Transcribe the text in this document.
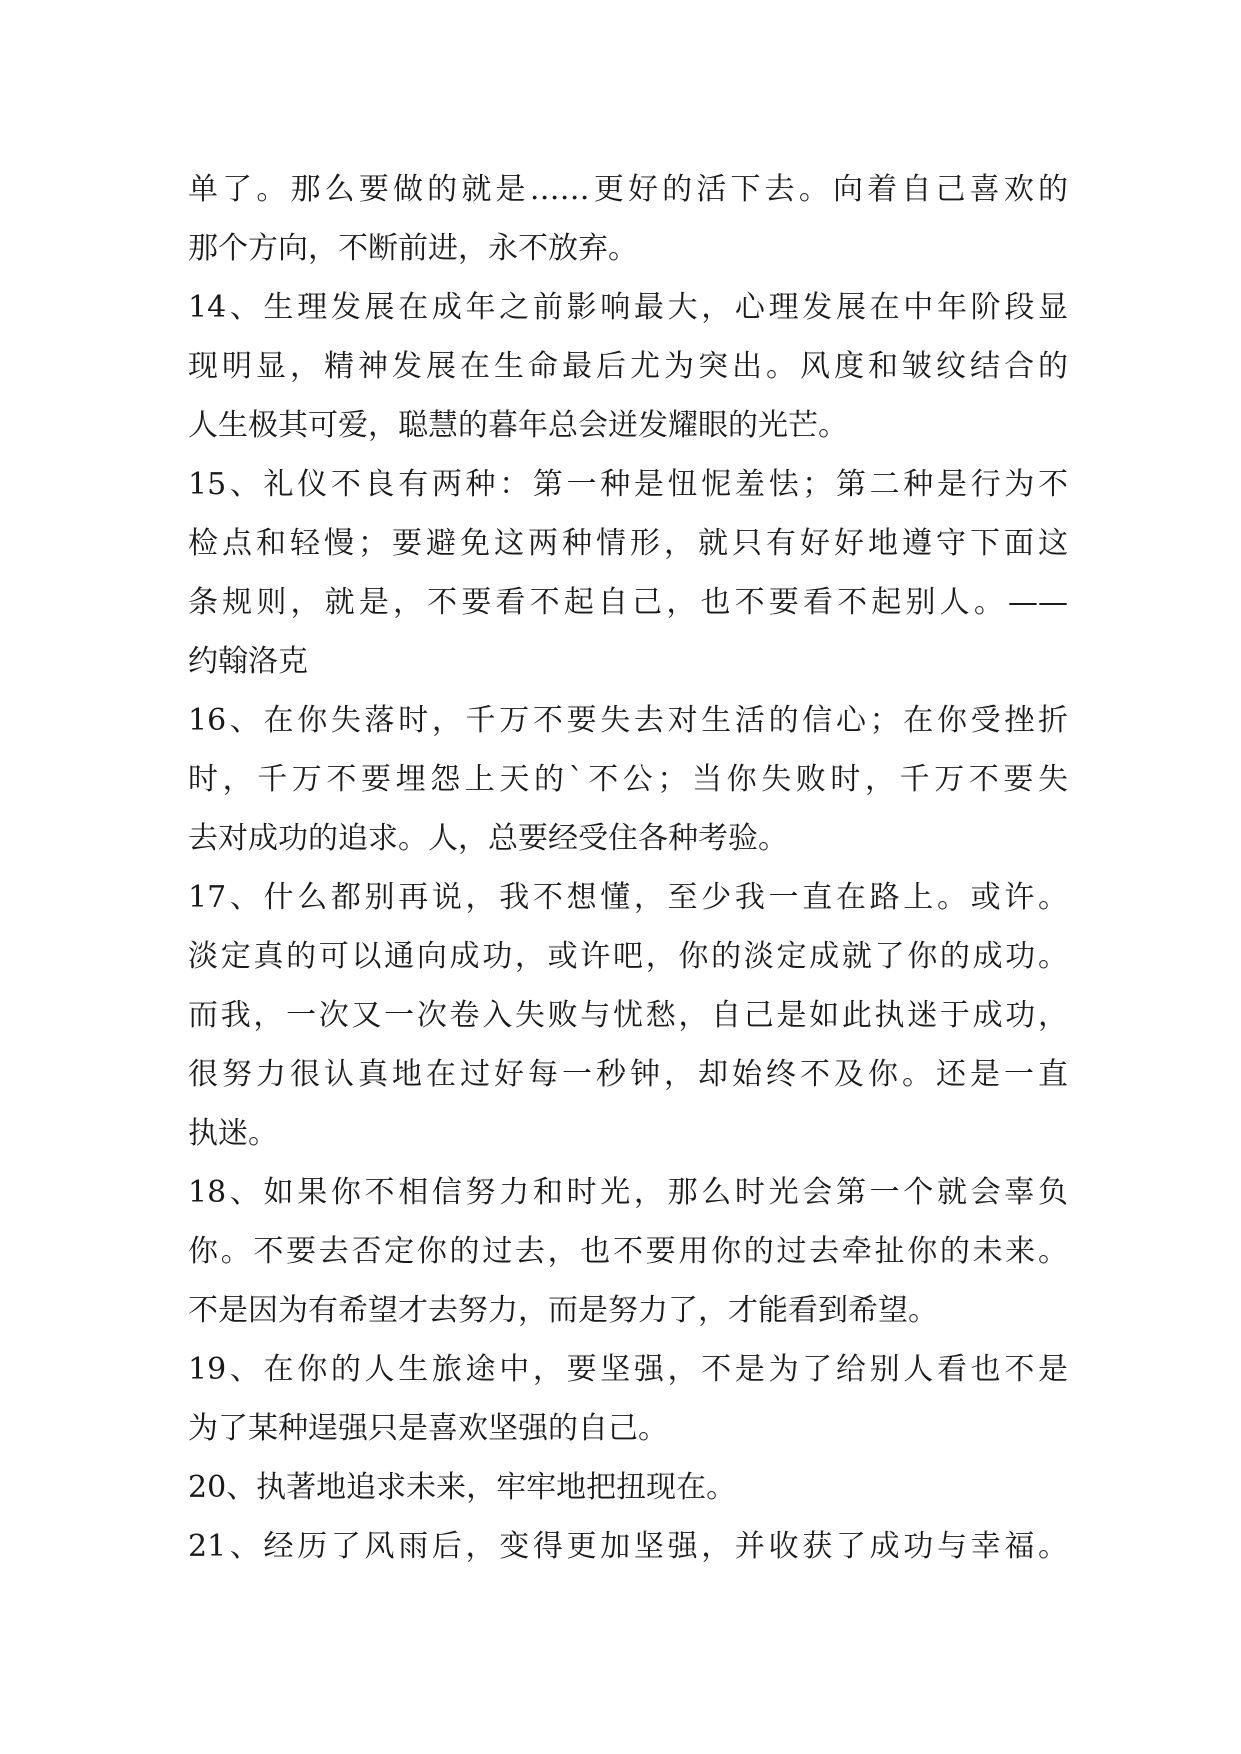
单了。那么要做的就是……更好的活下去。向着自己喜欢的
那个方向，不断前进，永不放弃。
14、生理发展在成年之前影响最大，心理发展在中年阶段显
现明显，精神发展在生命最后尤为突出。风度和皱纹结合的
人生极其可爱，聪慧的暮年总会迸发耀眼的光芒。
15、礼仪不良有两种：第一种是忸怩羞怯；第二种是行为不
检点和轻慢；要避免这两种情形，就只有好好地遵守下面这
条规则，就是，不要看不起自己，也不要看不起别人。——
约翰洛克
16、在你失落时，千万不要失去对生活的信心；在你受挫折
时，千万不要埋怨上天的`不公；当你失败时，千万不要失
去对成功的追求。人，总要经受住各种考验。
17、什么都别再说，我不想懂，至少我一直在路上。或许。
淡定真的可以通向成功，或许吧，你的淡定成就了你的成功。
而我，一次又一次卷入失败与忧愁，自己是如此执迷于成功，
很努力很认真地在过好每一秒钟，却始终不及你。还是一直
执迷。
18、如果你不相信努力和时光，那么时光会第一个就会辜负
你。不要去否定你的过去，也不要用你的过去牵扯你的未来。
不是因为有希望才去努力，而是努力了，才能看到希望。
19、在你的人生旅途中，要坚强，不是为了给别人看也不是
为了某种逞强只是喜欢坚强的自己。
20、执著地追求未来，牢牢地把扭现在。
21、经历了风雨后，变得更加坚强，并收获了成功与幸福。
